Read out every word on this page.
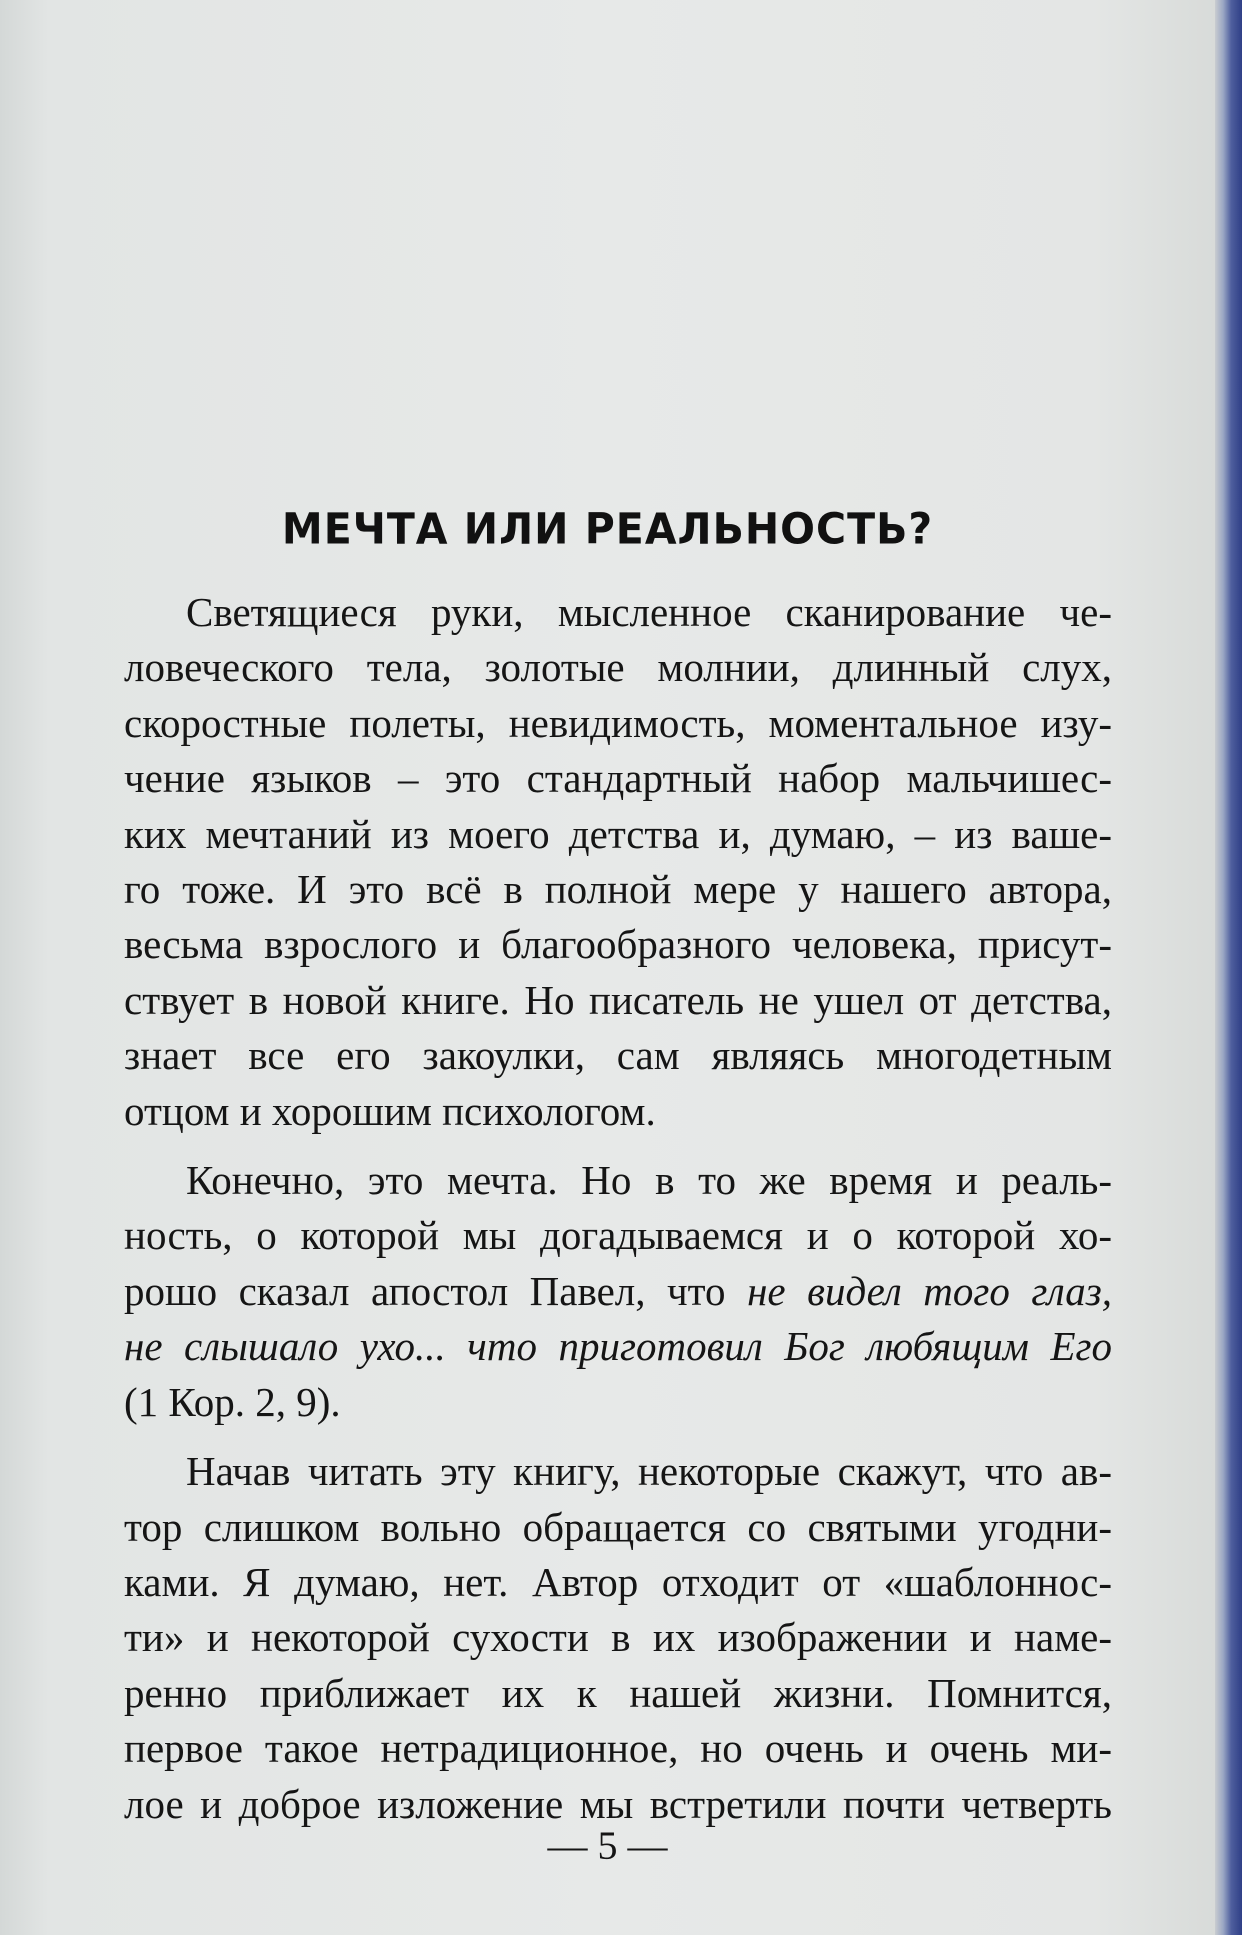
МЕЧТА ИЛИ РЕАЛЬНОСТЬ?
Светящиеся руки, мысленное сканирование че-
ловеческого тела, золотые молнии, длинный слух,
скоростные полеты, невидимость, моментальное изу-
чение языков – это стандартный набор мальчишес-
ких мечтаний из моего детства и, думаю, – из ваше-
го тоже. И это всё в полной мере у нашего автора,
весьма взрослого и благообразного человека, присут-
ствует в новой книге. Но писатель не ушел от детства,
знает все его закоулки, сам являясь многодетным
отцом и хорошим психологом.
Конечно, это мечта. Но в то же время и реаль-
ность, о которой мы догадываемся и о которой хо-
рошо сказал апостол Павел, что не видел того глаз,
не слышало ухо... что приготовил Бог любящим Его
(1 Кор. 2, 9).
Начав читать эту книгу, некоторые скажут, что ав-
тор слишком вольно обращается со святыми угодни-
ками. Я думаю, нет. Автор отходит от «шаблоннос-
ти» и некоторой сухости в их изображении и наме-
ренно приближает их к нашей жизни. Помнится,
первое такое нетрадиционное, но очень и очень ми-
лое и доброе изложение мы встретили почти четверть
— 5 —
